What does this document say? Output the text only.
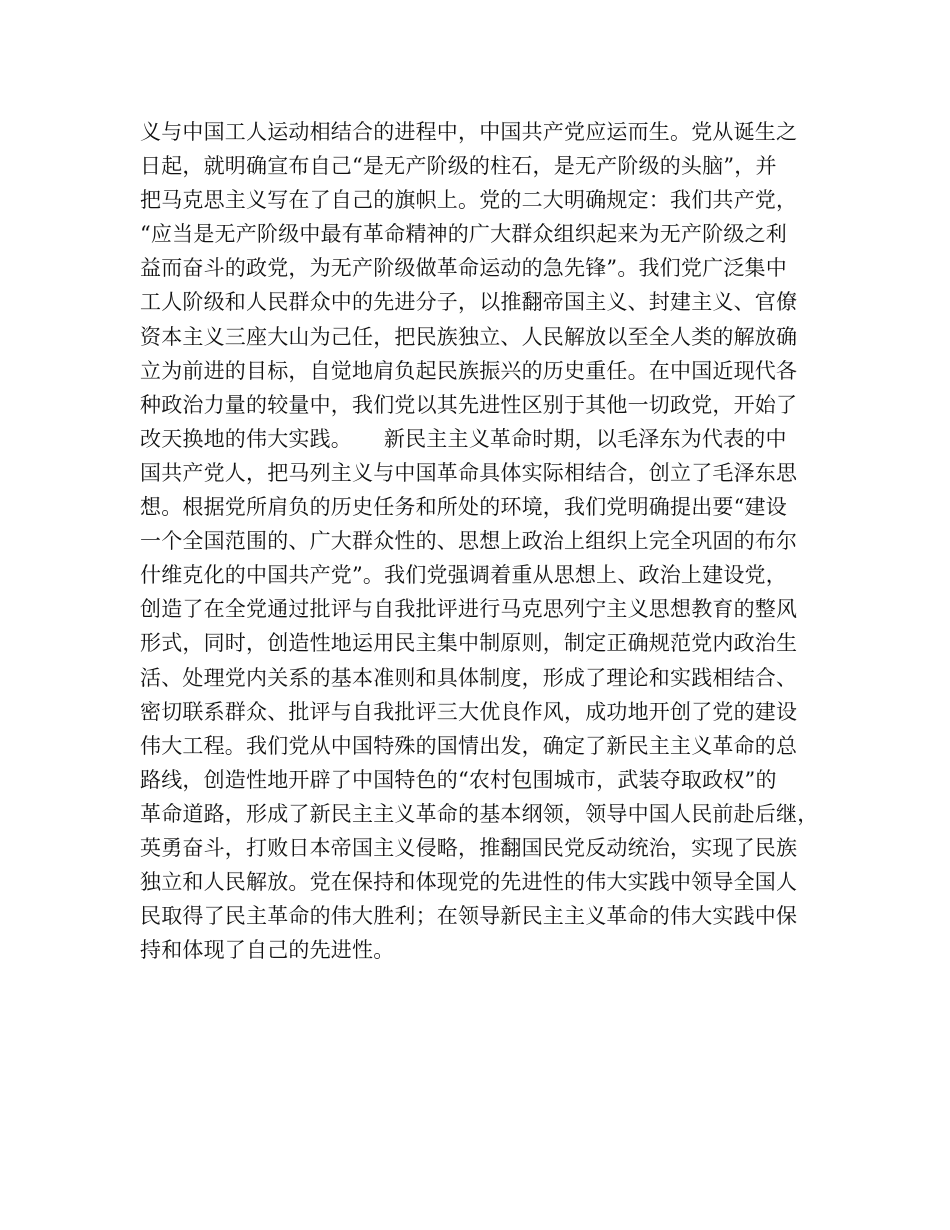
义与中国工人运动相结合的进程中，中国共产党应运而生。党从诞生之
日起，就明确宣布自己“是无产阶级的柱石，是无产阶级的头脑”，并
把马克思主义写在了自己的旗帜上。党的二大明确规定：我们共产党，
“应当是无产阶级中最有革命精神的广大群众组织起来为无产阶级之利
益而奋斗的政党，为无产阶级做革命运动的急先锋”。我们党广泛集中
工人阶级和人民群众中的先进分子，以推翻帝国主义、封建主义、官僚
资本主义三座大山为己任，把民族独立、人民解放以至全人类的解放确
立为前进的目标，自觉地肩负起民族振兴的历史重任。在中国近现代各
种政治力量的较量中，我们党以其先进性区别于其他一切政党，开始了
改天换地的伟大实践。　　新民主主义革命时期，以毛泽东为代表的中
国共产党人，把马列主义与中国革命具体实际相结合，创立了毛泽东思
想。根据党所肩负的历史任务和所处的环境，我们党明确提出要“建设
一个全国范围的、广大群众性的、思想上政治上组织上完全巩固的布尔
什维克化的中国共产党”。我们党强调着重从思想上、政治上建设党，
创造了在全党通过批评与自我批评进行马克思列宁主义思想教育的整风
形式，同时，创造性地运用民主集中制原则，制定正确规范党内政治生
活、处理党内关系的基本准则和具体制度，形成了理论和实践相结合、
密切联系群众、批评与自我批评三大优良作风，成功地开创了党的建设
伟大工程。我们党从中国特殊的国情出发，确定了新民主主义革命的总
路线，创造性地开辟了中国特色的“农村包围城市，武装夺取政权”的
革命道路，形成了新民主主义革命的基本纲领，领导中国人民前赴后继，
英勇奋斗，打败日本帝国主义侵略，推翻国民党反动统治，实现了民族
独立和人民解放。党在保持和体现党的先进性的伟大实践中领导全国人
民取得了民主革命的伟大胜利；在领导新民主主义革命的伟大实践中保
持和体现了自己的先进性。
